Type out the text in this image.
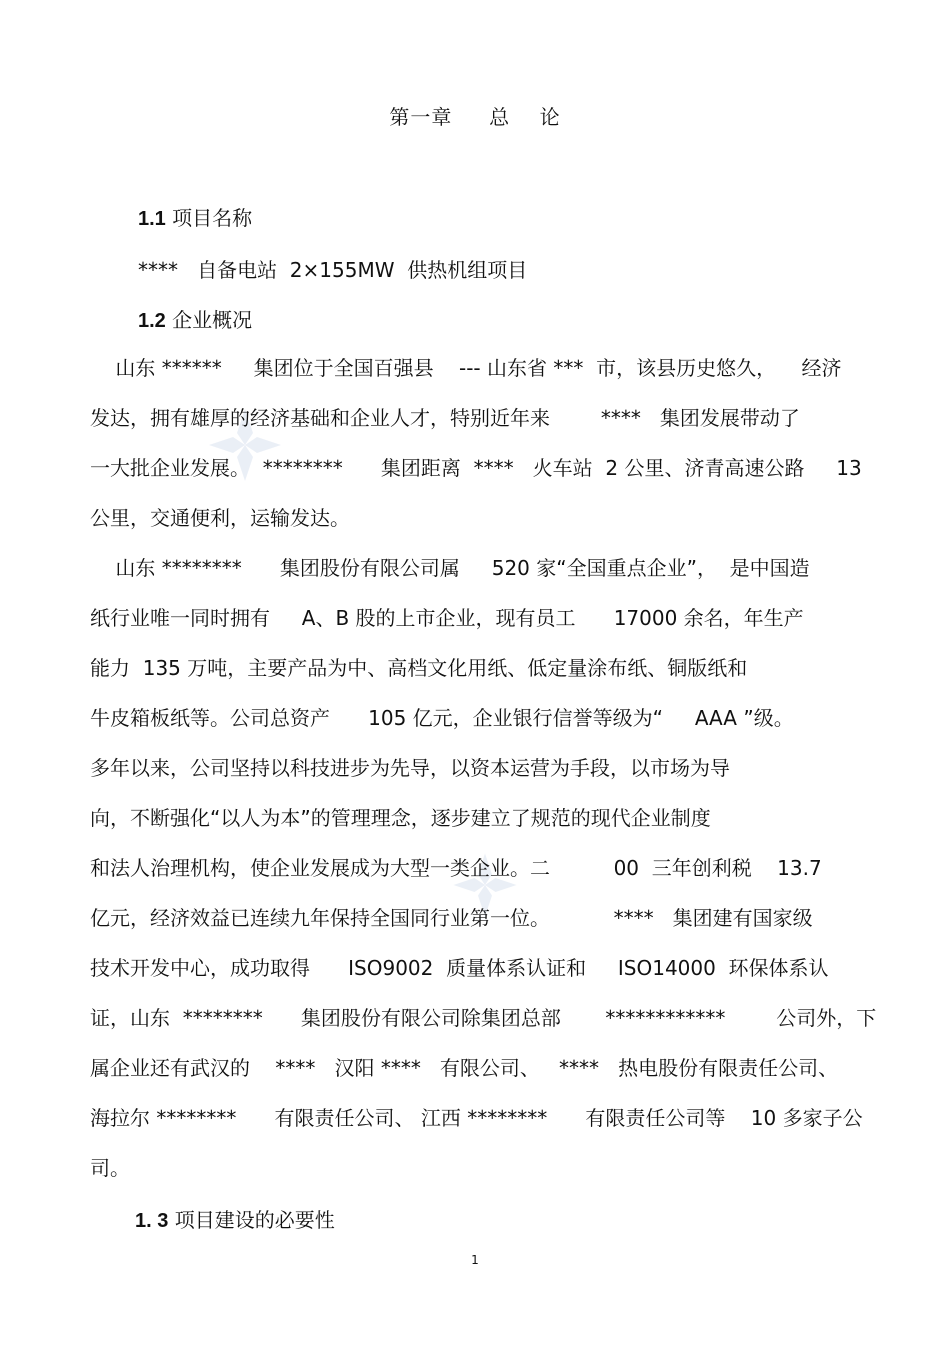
第一章     总    论
1.1 项目名称
****   自备电站  2×155MW  供热机组项目
1.2 企业概况
山东 ******     集团位于全国百强县    --- 山东省 ***  市，该县历史悠久，    经济
发达，拥有雄厚的经济基础和企业人才，特别近年来        ****   集团发展带动了
一大批企业发展。  ********      集团距离  ****   火车站  2 公里、济青高速公路     13
公里，交通便利，运输发达。
山东 ********      集团股份有限公司属     520 家“全国重点企业”，  是中国造
纸行业唯一同时拥有     A、B 股的上市企业，现有员工      17000 余名，年生产
能力  135 万吨，主要产品为中、高档文化用纸、低定量涂布纸、铜版纸和
牛皮箱板纸等。公司总资产      105 亿元，企业银行信誉等级为“     AAA ”级。
多年以来，公司坚持以科技进步为先导，以资本运营为手段，以市场为导
向，不断强化“以人为本”的管理理念，逐步建立了规范的现代企业制度
和法人治理机构，使企业发展成为大型一类企业。二          00  三年创利税    13.7
亿元，经济效益已连续九年保持全国同行业第一位。          ****   集团建有国家级
技术开发中心，成功取得      ISO9002  质量体系认证和     ISO14000  环保体系认
证，山东  ********      集团股份有限公司除集团总部       ************        公司外，下
属企业还有武汉的    ****   汉阳 ****   有限公司、   ****   热电股份有限责任公司、
海拉尔 ********      有限责任公司、 江西 ********      有限责任公司等    10 多家子公
司。
1. 3 项目建设的必要性
1
